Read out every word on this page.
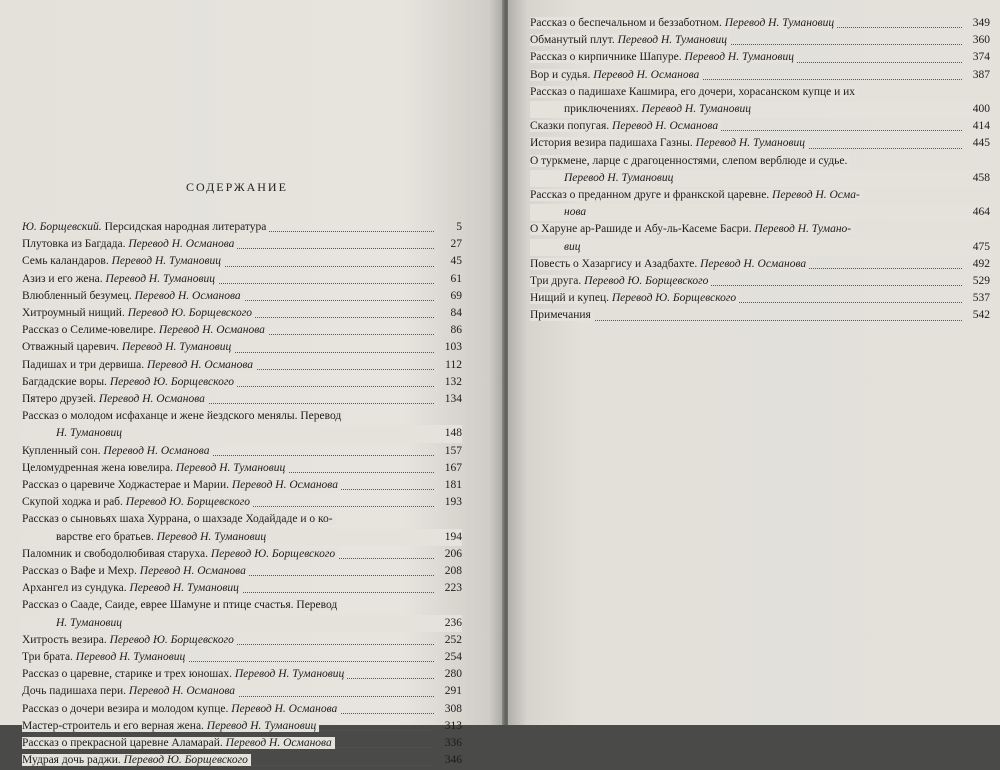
СОДЕРЖАНИЕ
Ю. Борщевский. Персидская народная литература	5
Плутовка из Багдада. Перевод Н. Османова	27
Семь каландаров. Перевод Н. Тумановиц	45
Азиз и его жена. Перевод Н. Тумановиц	61
Влюбленный безумец. Перевод Н. Османова	69
Хитроумный нищий. Перевод Ю. Борщевского	84
Рассказ о Селиме-ювелире. Перевод Н. Османова	86
Отважный царевич. Перевод Н. Тумановиц	103
Падишах и три дервиша. Перевод Н. Османова	112
Багдадские воры. Перевод Ю. Борщевского	132
Пятеро друзей. Перевод Н. Османова	134
Рассказ о молодом исфаханце и жене йездского менялы. Перевод
Н. Тумановиц	148
Купленный сон. Перевод Н. Османова	157
Целомудренная жена ювелира. Перевод Н. Тумановиц	167
Рассказ о царевиче Ходжастерае и Марии. Перевод Н. Османова	181
Скупой ходжа и раб. Перевод Ю. Борщевского	193
Рассказ о сыновьях шаха Хуррана, о шахзаде Ходайдаде и о ко-
варстве его братьев. Перевод Н. Тумановиц	194
Паломник и свободолюбивая старуха. Перевод Ю. Борщевского	206
Рассказ о Вафе и Мехр. Перевод Н. Османова	208
Архангел из сундука. Перевод Н. Тумановиц	223
Рассказ о Сааде, Саиде, еврее Шамуне и птице счастья. Перевод
Н. Тумановиц	236
Хитрость везира. Перевод Ю. Борщевского	252
Три брата. Перевод Н. Тумановиц	254
Рассказ о царевне, старике и трех юношах. Перевод Н. Тумановиц	280
Дочь падишаха пери. Перевод Н. Османова	291
Рассказ о дочери везира и молодом купце. Перевод Н. Османова	308
Мастер-строитель и его верная жена. Перевод Н. Тумановиц	313
Рассказ о прекрасной царевне Аламарай. Перевод Н. Османова	336
Мудрая дочь раджи. Перевод Ю. Борщевского	346
Рассказ о беспечальном и беззаботном. Перевод Н. Тумановиц	349
Обманутый плут. Перевод Н. Тумановиц	360
Рассказ о кирпичнике Шапуре. Перевод Н. Тумановиц	374
Вор и судья. Перевод Н. Османова	387
Рассказ о падишахе Кашмира, его дочери, хорасанском купце и их
приключениях. Перевод Н. Тумановиц	400
Сказки попугая. Перевод Н. Османова	414
История везира падишаха Газны. Перевод Н. Тумановиц	445
О туркмене, ларце с драгоценностями, слепом верблюде и судье.
Перевод Н. Тумановиц	458
Рассказ о преданном друге и франкской царевне. Перевод Н. Осма-
нова	464
О Харуне ар-Рашиде и Абу-ль-Касеме Басри. Перевод Н. Тумано-
виц	475
Повесть о Хазаргису и Азадбахте. Перевод Н. Османова	492
Три друга. Перевод Ю. Борщевского	529
Нищий и купец. Перевод Ю. Борщевского	537
Примечания	542
